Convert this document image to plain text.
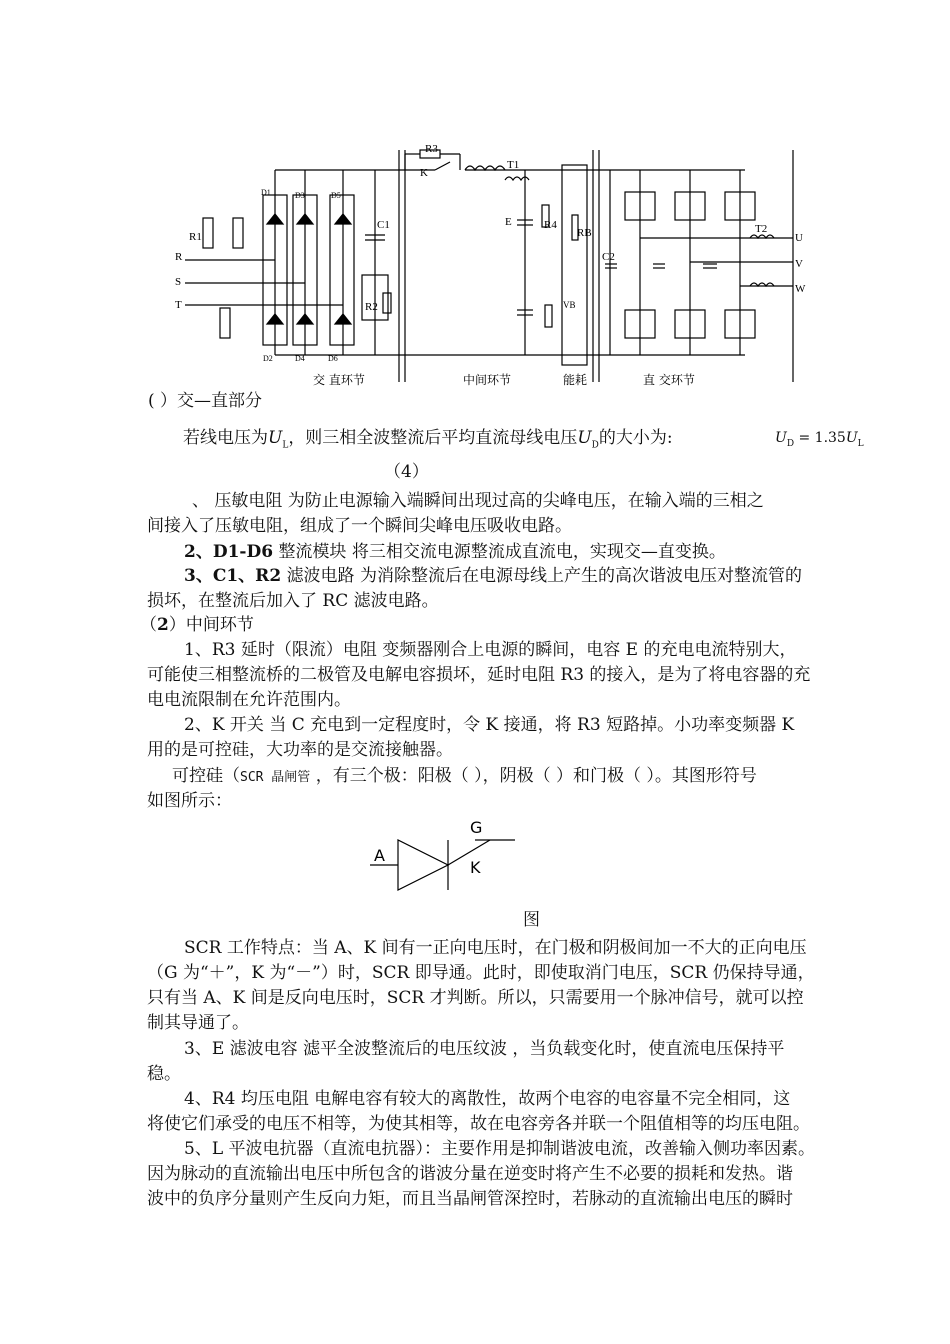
R3
K
T1
E	R4
RB
C2
T2
C1
R1
R2
R
S
T
U
V
W
D1	D3	D5
D2	D4	D6
VB
交 直环节	中间环节	能耗	直 交环节
( ）交—直部分
若线电压为$U_L$，则三相全波整流后平均直流母线电压$U_D$的大小为:	$U_D = 1.35U_L$
（4）
、 压敏电阻 为防止电源输入端瞬间出现过高的尖峰电压，在输入端的三相之
间接入了压敏电阻，组成了一个瞬间尖峰电压吸收电路。
2、D1-D6 整流模块 将三相交流电源整流成直流电，实现交—直变换。
3、C1、R2 滤波电路 为消除整流后在电源母线上产生的高次谐波电压对整流管的
损坏，在整流后加入了 RC 滤波电路。
（2）中间环节
1、R3 延时（限流）电阻 变频器刚合上电源的瞬间，电容 E 的充电电流特别大，
可能使三相整流桥的二极管及电解电容损坏，延时电阻 R3 的接入，是为了将电容器的充
电电流限制在允许范围内。
2、K 开关 当 C 充电到一定程度时，令 K 接通，将 R3 短路掉。小功率变频器 K
用的是可控硅，大功率的是交流接触器。
可控硅（SCR 晶闸管 ，有三个极：阳极（ ），阴极（ ）和门极（ ）。其图形符号
如图所示：
G
A
K
图
SCR 工作特点：当 A、K 间有一正向电压时，在门极和阴极间加一不大的正向电压
（G 为“＋”，K 为“－”）时，SCR 即导通。此时，即使取消门电压，SCR 仍保持导通，
只有当 A、K 间是反向电压时，SCR 才判断。所以，只需要用一个脉冲信号，就可以控
制其导通了。
3、E 滤波电容 滤平全波整流后的电压纹波 ，当负载变化时，使直流电压保持平
稳。
4、R4 均压电阻 电解电容有较大的离散性，故两个电容的电容量不完全相同，这
将使它们承受的电压不相等，为使其相等，故在电容旁各并联一个阻值相等的均压电阻。
5、L 平波电抗器（直流电抗器）：主要作用是抑制谐波电流，改善输入侧功率因素。
因为脉动的直流输出电压中所包含的谐波分量在逆变时将产生不必要的损耗和发热。谐
波中的负序分量则产生反向力矩，而且当晶闸管深控时，若脉动的直流输出电压的瞬时
